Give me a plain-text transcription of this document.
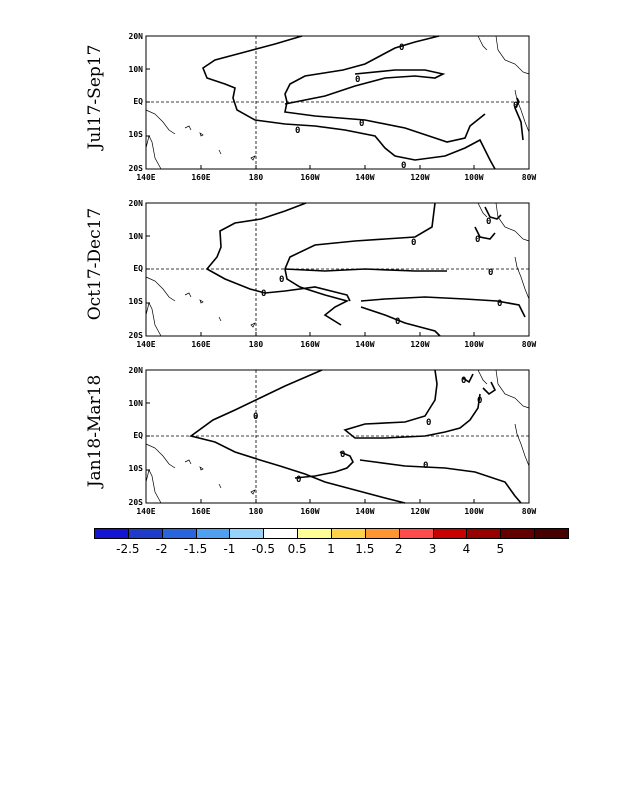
Jul17-Sep17
20N
10N
EQ
10S
20S
0
0
0
0
0
0
140E	160E	180	160W	140W	120W	100W	80W
Oct17-Dec17
20N
10N
EQ
10S
20S
0
0
0
0
0
0
0
0
140E	160E	180	160W	140W	120W	100W	80W
Jan18-Mar18
20N
10N
EQ
10S
20S
0
0
0
0
0
0
0
140E	160E	180	160W	140W	120W	100W	80W
-2.5	-2	-1.5	-1	-0.5	0.5	1	1.5	2	3	4	5
